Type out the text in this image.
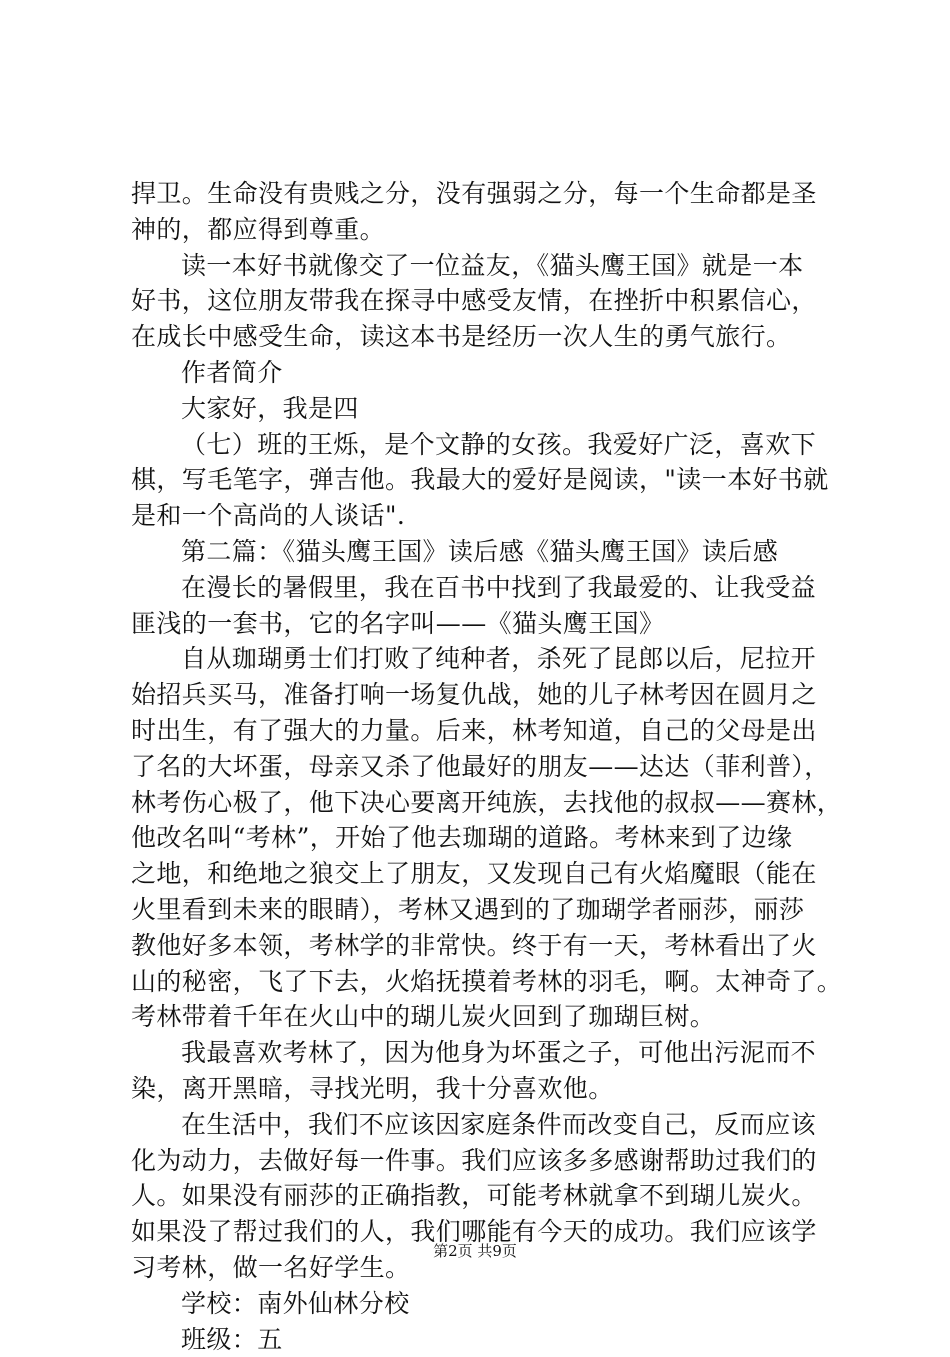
捍卫。生命没有贵贱之分，没有强弱之分，每一个生命都是圣
神的，都应得到尊重。
读一本好书就像交了一位益友，《猫头鹰王国》就是一本
好书，这位朋友带我在探寻中感受友情，在挫折中积累信心，
在成长中感受生命，读这本书是经历一次人生的勇气旅行。
作者简介
大家好，我是四
（七）班的王烁，是个文静的女孩。我爱好广泛，喜欢下
棋，写毛笔字，弹吉他。我最大的爱好是阅读，"读一本好书就
是和一个高尚的人谈话".
第二篇：《猫头鹰王国》读后感《猫头鹰王国》读后感
在漫长的暑假里，我在百书中找到了我最爱的、让我受益
匪浅的一套书，它的名字叫——《猫头鹰王国》
自从珈瑚勇士们打败了纯种者，杀死了昆郎以后，尼拉开
始招兵买马，准备打响一场复仇战，她的儿子林考因在圆月之
时出生，有了强大的力量。后来，林考知道，自己的父母是出
了名的大坏蛋，母亲又杀了他最好的朋友——达达（菲利普），
林考伤心极了，他下决心要离开纯族，去找他的叔叔——赛林，
他改名叫“考林”，开始了他去珈瑚的道路。考林来到了边缘
之地，和绝地之狼交上了朋友，又发现自己有火焰魔眼（能在
火里看到未来的眼睛），考林又遇到的了珈瑚学者丽莎，丽莎
教他好多本领，考林学的非常快。终于有一天，考林看出了火
山的秘密，飞了下去，火焰抚摸着考林的羽毛，啊。太神奇了。
考林带着千年在火山中的瑚儿炭火回到了珈瑚巨树。
我最喜欢考林了，因为他身为坏蛋之子，可他出污泥而不
染，离开黑暗，寻找光明，我十分喜欢他。
在生活中，我们不应该因家庭条件而改变自己，反而应该
化为动力，去做好每一件事。我们应该多多感谢帮助过我们的
人。如果没有丽莎的正确指教，可能考林就拿不到瑚儿炭火。
如果没了帮过我们的人，我们哪能有今天的成功。我们应该学
习考林，做一名好学生。
学校：南外仙林分校
班级：五
第2页 共9页
